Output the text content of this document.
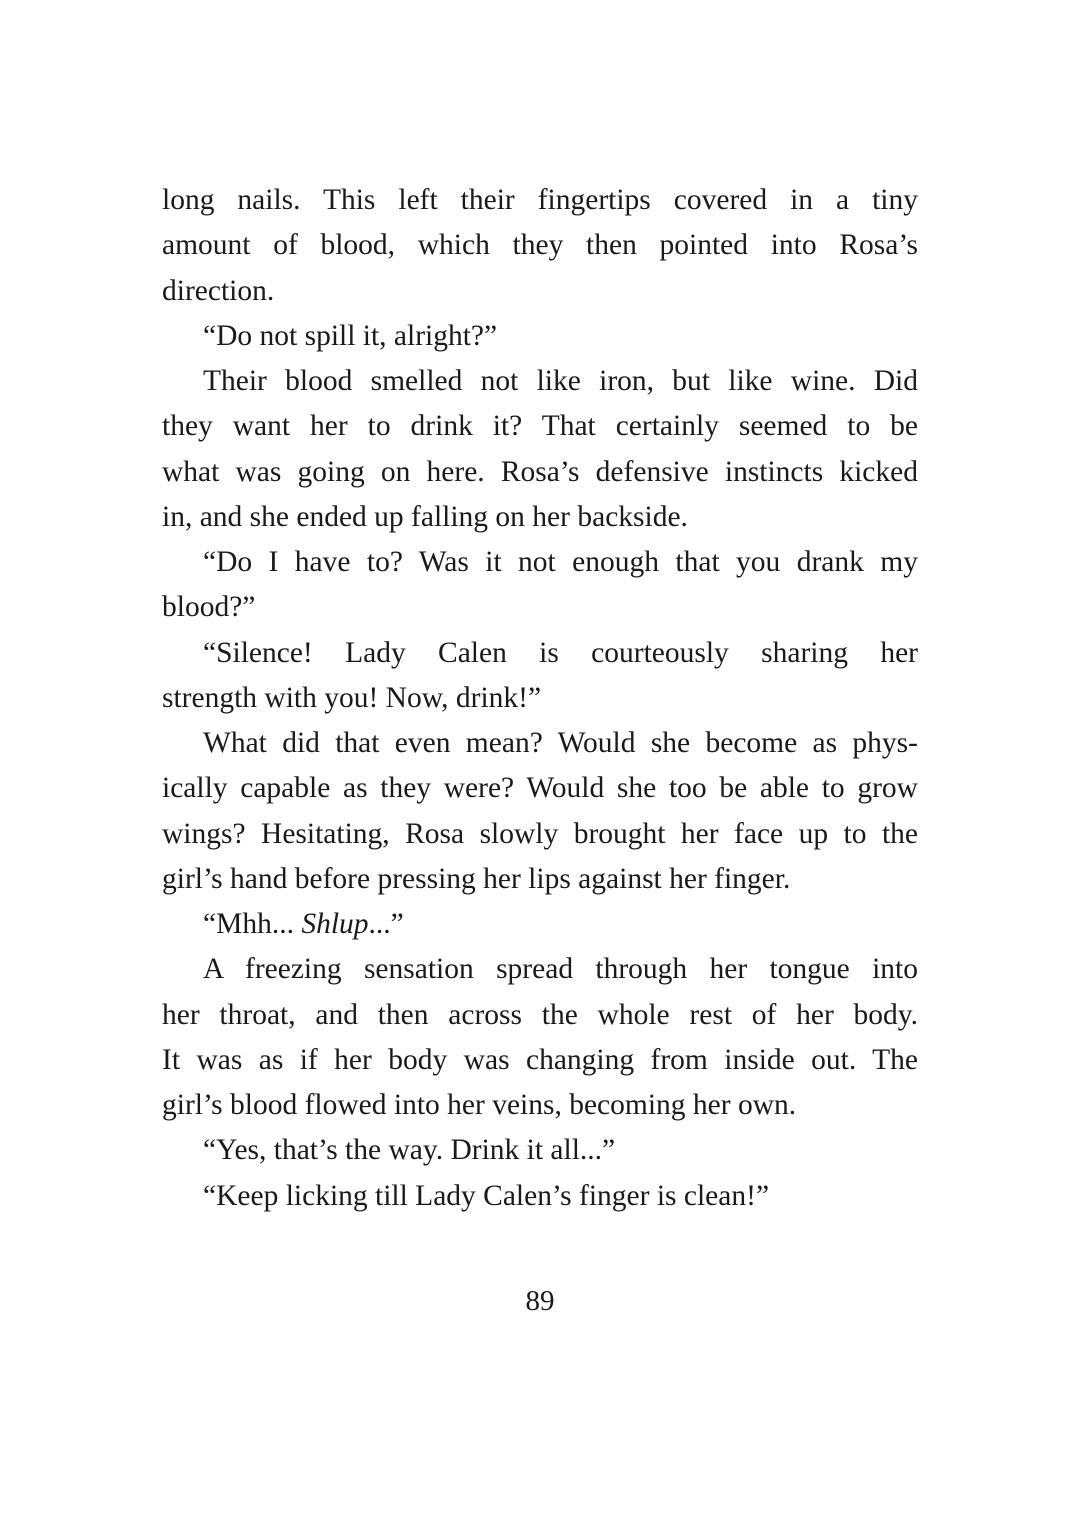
long nails. This left their fingertips covered in a tiny
amount of blood, which they then pointed into Rosa’s
direction.
“Do not spill it, alright?”
Their blood smelled not like iron, but like wine. Did
they want her to drink it? That certainly seemed to be
what was going on here. Rosa’s defensive instincts kicked
in, and she ended up falling on her backside.
“Do I have to? Was it not enough that you drank my
blood?”
“Silence! Lady Calen is courteously sharing her
strength with you! Now, drink!”
What did that even mean? Would she become as phys-
ically capable as they were? Would she too be able to grow
wings? Hesitating, Rosa slowly brought her face up to the
girl’s hand before pressing her lips against her finger.
“Mhh... Shlup...”
A freezing sensation spread through her tongue into
her throat, and then across the whole rest of her body.
It was as if her body was changing from inside out. The
girl’s blood flowed into her veins, becoming her own.
“Yes, that’s the way. Drink it all...”
“Keep licking till Lady Calen’s finger is clean!”
89
